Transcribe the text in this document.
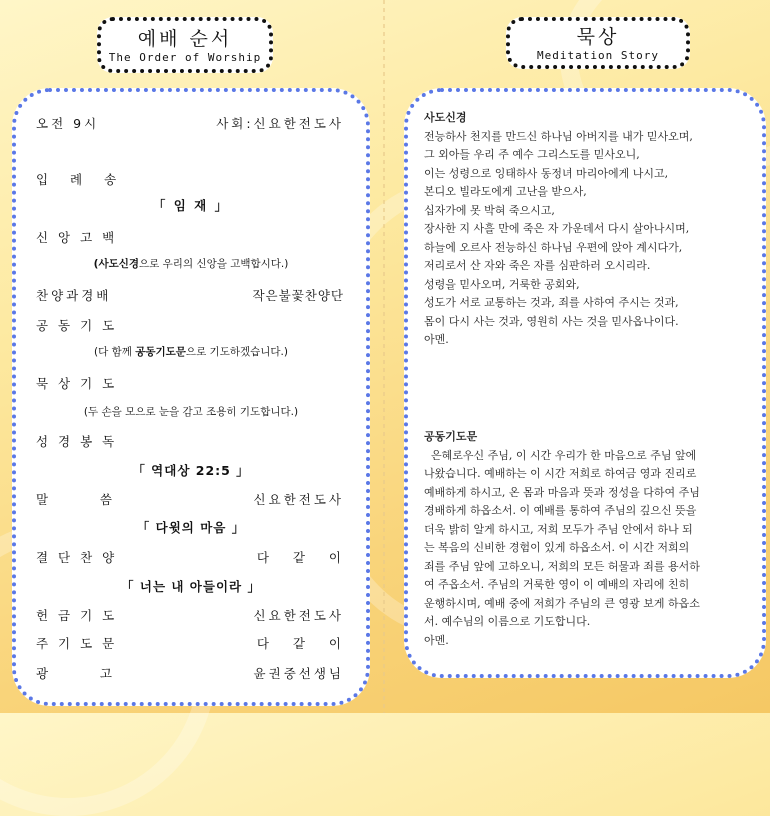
예배 순서
The Order of Worship
묵상
Meditation Story
오전 9시	사회:신요한전도사
입 례 송
「 임 재 」
신 앙 고 백
(사도신경으로 우리의 신앙을 고백합시다.)
찬양과경배	작은불꽃찬양단
공 동 기 도
(다 함께 공동기도문으로 기도하겠습니다.)
묵 상 기 도
(두 손을 모으로 눈을 감고 조용히 기도합니다.)
성 경 봉 독
「 역대상 22:5 」
말       씀	신요한전도사
「 다윗의 마음 」
결 단 찬 양	다   같   이
「 너는 내 아들이라 」
헌 금 기 도	신요한전도사
주 기 도 문	다   같   이
광       고	윤권중선생님
사도신경
전능하사 천지를 만드신 하나님 아버지를 내가 믿사오며,
그 외아들 우리 주 예수 그리스도를 믿사오니,
이는 성령으로 잉태하사 동정녀 마리아에게 나시고,
본디오 빌라도에게 고난을 받으사,
십자가에 못 박혀 죽으시고,
장사한 지 사흘 만에 죽은 자 가운데서 다시 살아나시며,
하늘에 오르사 전능하신 하나님 우편에 앉아 계시다가,
저리로서 산 자와 죽은 자를 심판하러 오시리라.
성령을 믿사오며, 거룩한 공회와,
성도가 서로 교통하는 것과, 죄를 사하여 주시는 것과,
몸이 다시 사는 것과, 영원히 사는 것을 믿사옵나이다.
아멘.
공동기도문
은혜로우신 주님, 이 시간 우리가 한 마음으로 주님 앞에
나왔습니다. 예배하는 이 시간 저희로 하여금 영과 진리로
예배하게 하시고, 온 몸과 마음과 뜻과 정성을 다하여 주님
경배하게 하옵소서. 이 예배를 통하여 주님의 깊으신 뜻을
더욱 밝히 알게 하시고, 저희 모두가 주님 안에서 하나 되
는 복음의 신비한 경험이 있게 하옵소서. 이 시간 저희의
죄를 주님 앞에 고하오니, 저희의 모든 허물과 죄를 용서하
여 주옵소서. 주님의 거룩한 영이 이 예배의 자리에 친히
운행하시며, 예배 중에 저희가 주님의 큰 영광 보게 하옵소
서. 예수님의 이름으로 기도합니다.
아멘.
